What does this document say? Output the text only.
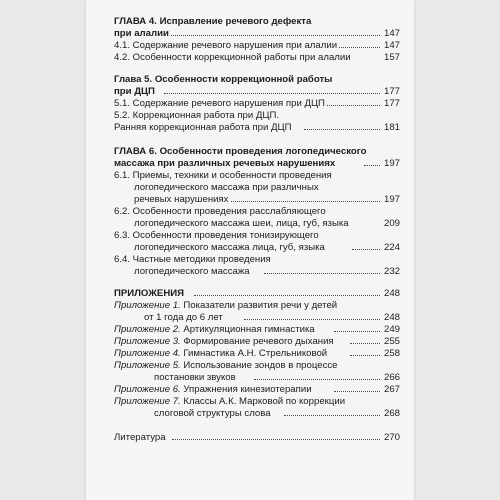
ГЛАВА 4. Исправление речевого дефекта
при алалии	147
4.1. Содержание речевого нарушения при алалии	147
4.2. Особенности коррекционной работы при алалии	157
Глава 5. Особенности коррекционной работы
при ДЦП	177
5.1. Содержание речевого нарушения при ДЦП	177
5.2. Коррекционная работа при ДЦП.
Ранняя коррекционная работа при ДЦП	181
ГЛАВА 6. Особенности проведения логопедического
массажа при различных речевых нарушениях	197
6.1. Приемы, техники и особенности проведения
логопедического массажа при различных
речевых нарушениях	197
6.2. Особенности проведения расслабляющего
логопедического массажа шеи, лица, губ, языка	209
6.3. Особенности проведения тонизирующего
логопедического массажа лица, губ, языка	224
6.4. Частные методики проведения
логопедического массажа	232
ПРИЛОЖЕНИЯ	248
Приложение 1. Показатели развития речи у детей
от 1 года до 6 лет	248
Приложение 2. Артикуляционная гимнастика	249
Приложение 3. Формирование речевого дыхания	255
Приложение 4. Гимнастика А.Н. Стрельниковой	258
Приложение 5. Использование зондов в процессе
постановки звуков	266
Приложение 6. Упражнения кинезиотерапии	267
Приложение 7. Классы А.К. Марковой по коррекции
слоговой структуры слова	268
Литература	270
